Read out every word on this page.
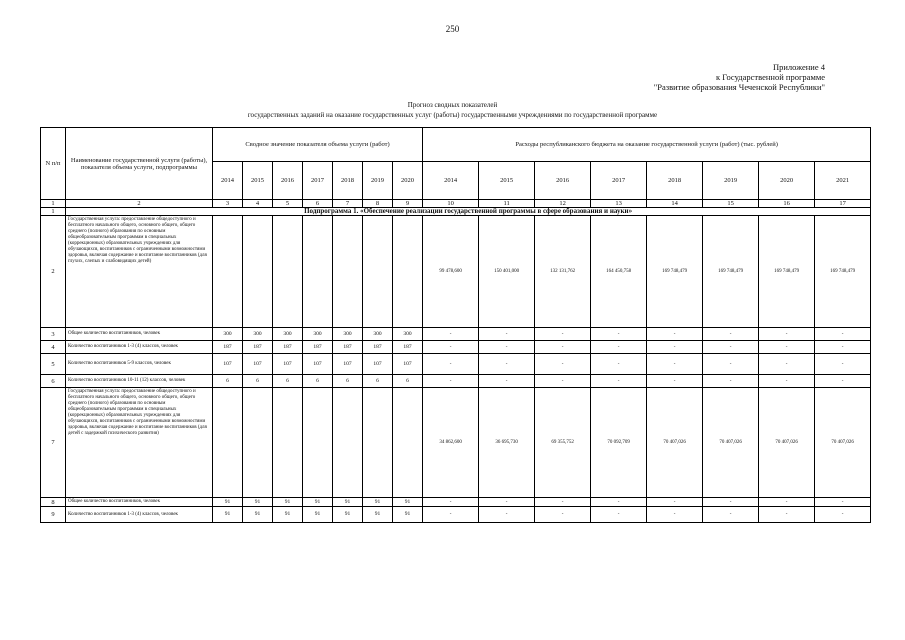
250
Приложение 4
к Государственной программе
"Развитие образования Чеченской Республики"
Прогноз сводных показателей
государственных заданий на оказание государственных услуг (работы) государственными учреждениями по государственной программе
N п/п	Наименование государственной услуги (работы), показателя объема услуги, подпрограммы	Сводное значение показателя объема услуги (работ)							Расходы республиканского бюджета на оказание государственной услуги (работ) (тыс. рублей)							
		2014	2015	2016	2017	2018	2019	2020	2014	2015	2016	2017	2018	2019	2020	2021
1	2	3	4	5	6	7	8	9	10	11	12	13	14	15	16	17
1	Подпрограмма 1. «Обеспечение реализации государственной программы в сфере образования и науки»															
2	Государственная услуга: предоставление общедоступного и бесплатного начального общего, основного общего, общего среднего (полного) образования по основным общеобразовательным программам в специальных (коррекционных) образовательных учреждениях для обучающихся, воспитанников с ограниченными возможностями здоровья, включая содержание и воспитание воспитанников (для глухих, слепых и слабовидящих детей)								99 478,600	150 401,000	132 131,762	164 450,758	169 748,479	169 748,479	169 748,479	169 748,479
3	Общее количество воспитанников, человек	300	300	300	300	300	300	300	-	-	-	-	-	-	-	-
4	Количество воспитанников 1-3 (4) классов, человек	187	187	187	187	187	187	187	-	-	-	-	-	-	-	-
5	Количество воспитанников 5-9 классов, человек	107	107	107	107	107	107	107	-	-	-	-	-	-	-	-
6	Количество воспитанников 10-11 (12) классов, человек	6	6	6	6	6	6	6	-	-	-	-	-	-	-	-
7	Государственная услуга: предоставление общедоступного и бесплатного начального общего, основного общего, общего среднего (полного) образования по основным общеобразовательным программам в специальных (коррекционных) образовательных учреждениях для обучающихся, воспитанников с ограниченными возможностями здоровья, включая содержание и воспитание воспитанников (для детей с задержкой психического развития)								34 862,600	36 695,730	69 355,752	70 092,709	70 407,026	70 407,026	70 407,026	70 407,026
8	Общее количество воспитанников, человек	91	91	91	91	91	91	91	-	-	-	-	-	-	-	-
9	Количество воспитанников 1-3 (4) классов, человек	91	91	91	91	91	91	91	-	-	-	-	-	-	-	-
